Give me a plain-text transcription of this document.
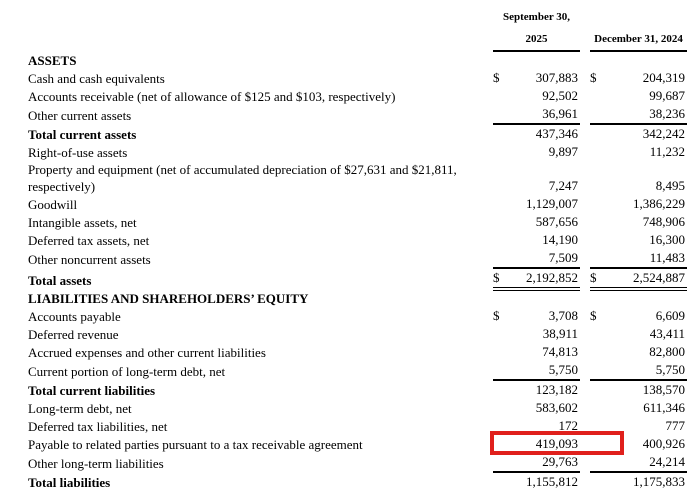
	September 30, 2025			December 31, 2024	
ASSETS					
Cash and cash equivalents	$	307,883		$	204,319
Accounts receivable (net of allowance of $125 and $103, respectively)		92,502			99,687
Other current assets		36,961			38,236
Total current assets		437,346			342,242
Right-of-use assets		9,897			11,232
Property and equipment (net of accumulated depreciation of $27,631 and $21,811, respectively)		7,247			8,495
Goodwill		1,129,007			1,386,229
Intangible assets, net		587,656			748,906
Deferred tax assets, net		14,190			16,300
Other noncurrent assets		7,509			11,483
Total assets	$	2,192,852		$	2,524,887
LIABILITIES AND SHAREHOLDERS’ EQUITY					
Accounts payable	$	3,708		$	6,609
Deferred revenue		38,911			43,411
Accrued expenses and other current liabilities		74,813			82,800
Current portion of long-term debt, net		5,750			5,750
Total current liabilities		123,182			138,570
Long-term debt, net		583,602			611,346
Deferred tax liabilities, net		172			777
Payable to related parties pursuant to a tax receivable agreement		419,093			400,926
Other long-term liabilities		29,763			24,214
Total liabilities		1,155,812			1,175,833
